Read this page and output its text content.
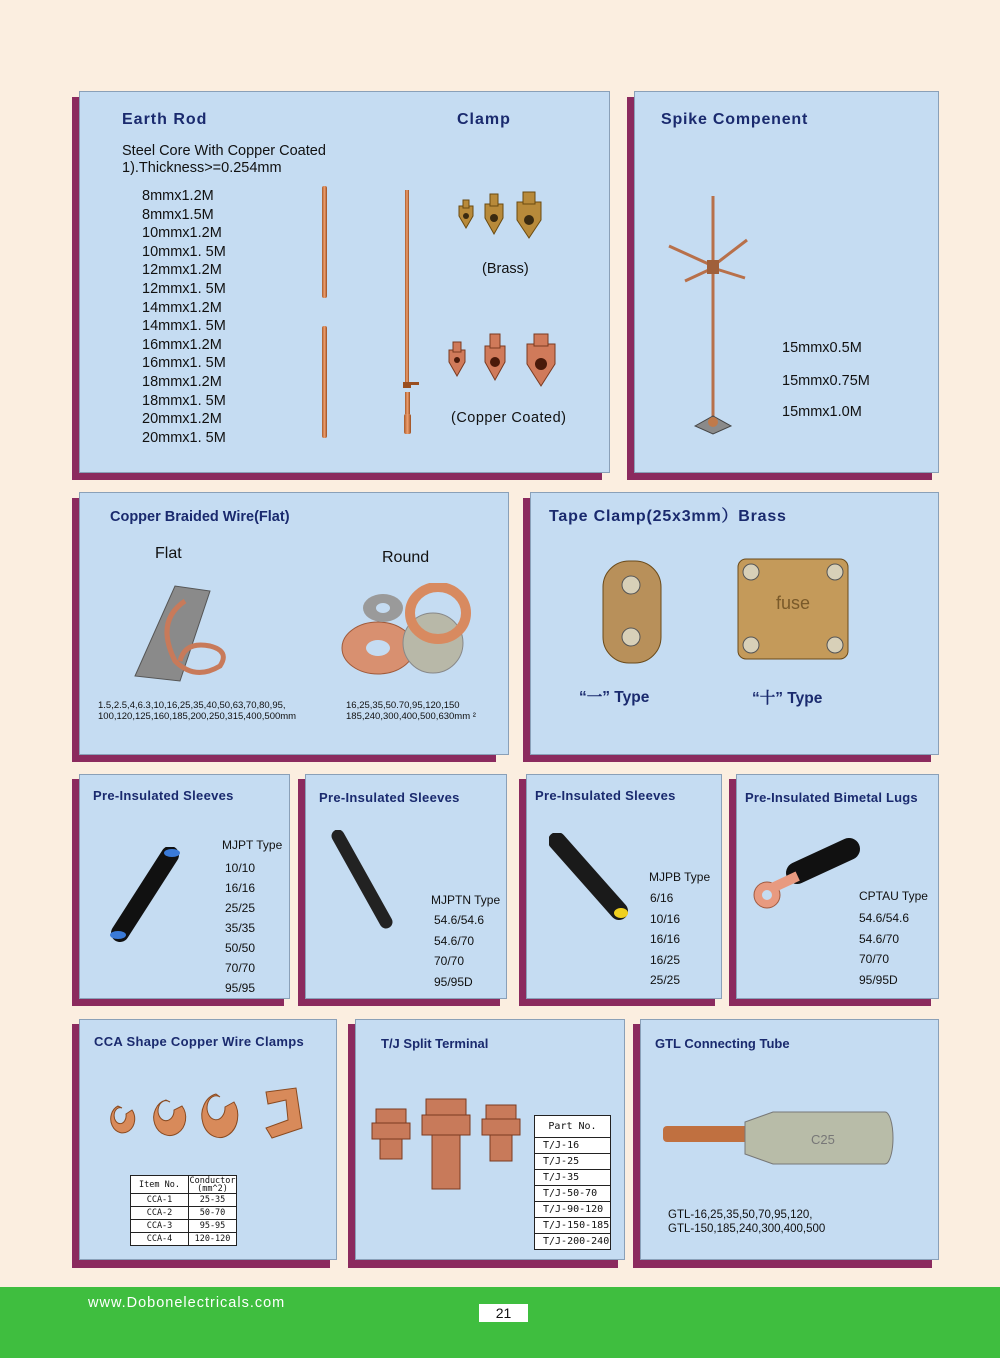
Earth Rod
Steel Core With Copper Coated
1).Thickness>=0.254mm
8mmx1.2M
8mmx1.5M
10mmx1.2M
10mmx1. 5M
12mmx1.2M
12mmx1. 5M
14mmx1.2M
14mmx1. 5M
16mmx1.2M
16mmx1. 5M
18mmx1.2M
18mmx1. 5M
20mmx1.2M
20mmx1. 5M
Clamp
(Brass)
(Copper Coated)
Spike Compenent
15mmx0.5M
15mmx0.75M
15mmx1.0M
Copper Braided Wire(Flat)
Flat	Round
1.5,2.5,4,6.3,10,16,25,35,40,50,63,70,80,95,
100,120,125,160,185,200,250,315,400,500mm
16,25,35,50.70,95,120,150
185,240,300,400,500,630mm ²
Tape Clamp(25x3mm）Brass
fuse
“一” Type	“十” Type
Pre-Insulated Sleeves
MJPT Type
10/10
16/16
25/25
35/35
50/50
70/70
95/95
Pre-Insulated Sleeves
MJPTN Type
54.6/54.6
54.6/70
70/70
95/95D
Pre-Insulated Sleeves
MJPB Type
6/16
10/16
16/16
16/25
25/25
Pre-Insulated Bimetal Lugs
CPTAU Type
54.6/54.6
54.6/70
70/70
95/95D
CCA Shape Copper Wire Clamps
Item No.	Conductor
(mm^2)

CCA-1	25-35
CCA-2	50-70
CCA-3	95-95
CCA-4	120-120
T/J Split Terminal
Part No.
T/J-16
T/J-25
T/J-35
T/J-50-70
T/J-90-120
T/J-150-185
T/J-200-240
GTL Connecting Tube
C25
GTL-16,25,35,50,70,95,120,
GTL-150,185,240,300,400,500
www.Dobonelectricals.com
21
